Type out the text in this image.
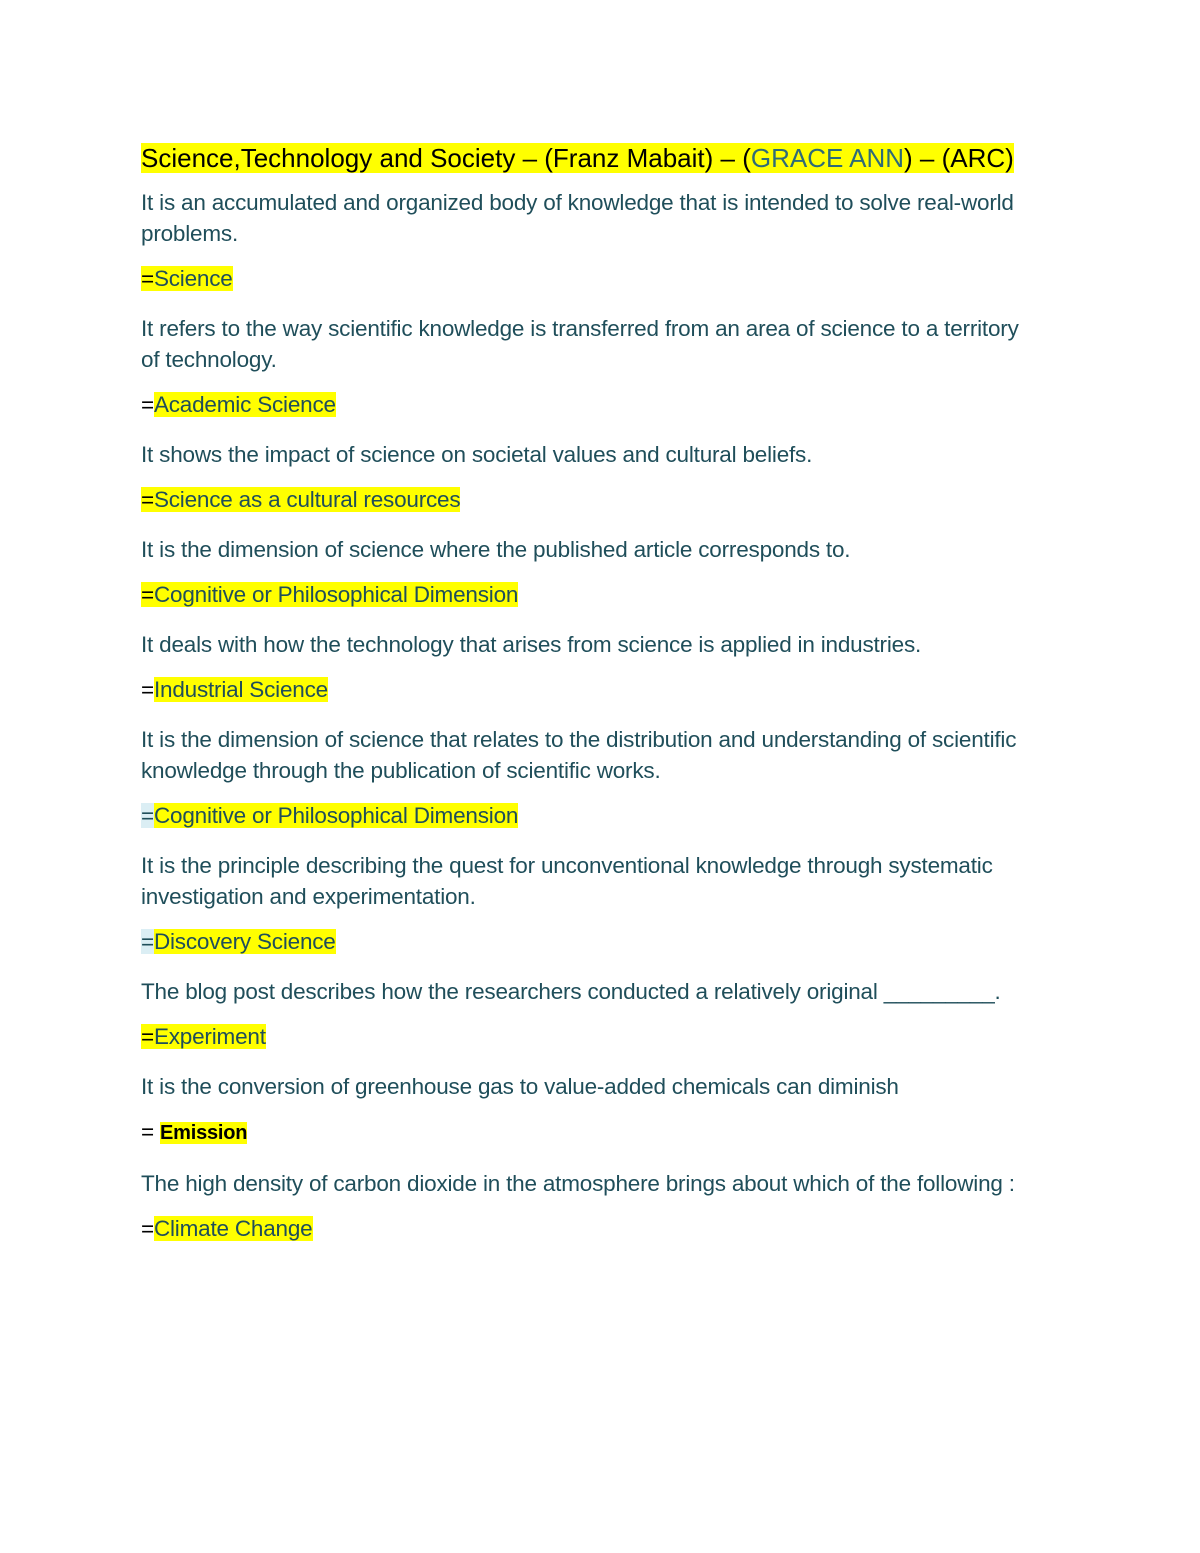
Science,Technology and Society – (Franz Mabait) – (GRACE ANN) – (ARC)

It is an accumulated and organized body of knowledge that is intended to solve real-world problems.

=Science

It refers to the way scientific knowledge is transferred from an area of science to a territory of technology.

=Academic Science

It shows the impact of science on societal values and cultural beliefs.

=Science as a cultural resources

It is the dimension of science where the published article corresponds to.

=Cognitive or Philosophical Dimension

It deals with how the technology that arises from science is applied in industries.

=Industrial Science

It is the dimension of science that relates to the distribution and understanding of scientific knowledge through the publication of scientific works.

=Cognitive or Philosophical Dimension

It is the principle describing the quest for unconventional knowledge through systematic investigation and experimentation.

=Discovery Science

The blog post describes how the researchers conducted a relatively original _________.

=Experiment

It is the conversion of greenhouse gas to value-added chemicals can diminish

= Emission

The high density of carbon dioxide in the atmosphere brings about which of the following :

=Climate Change
